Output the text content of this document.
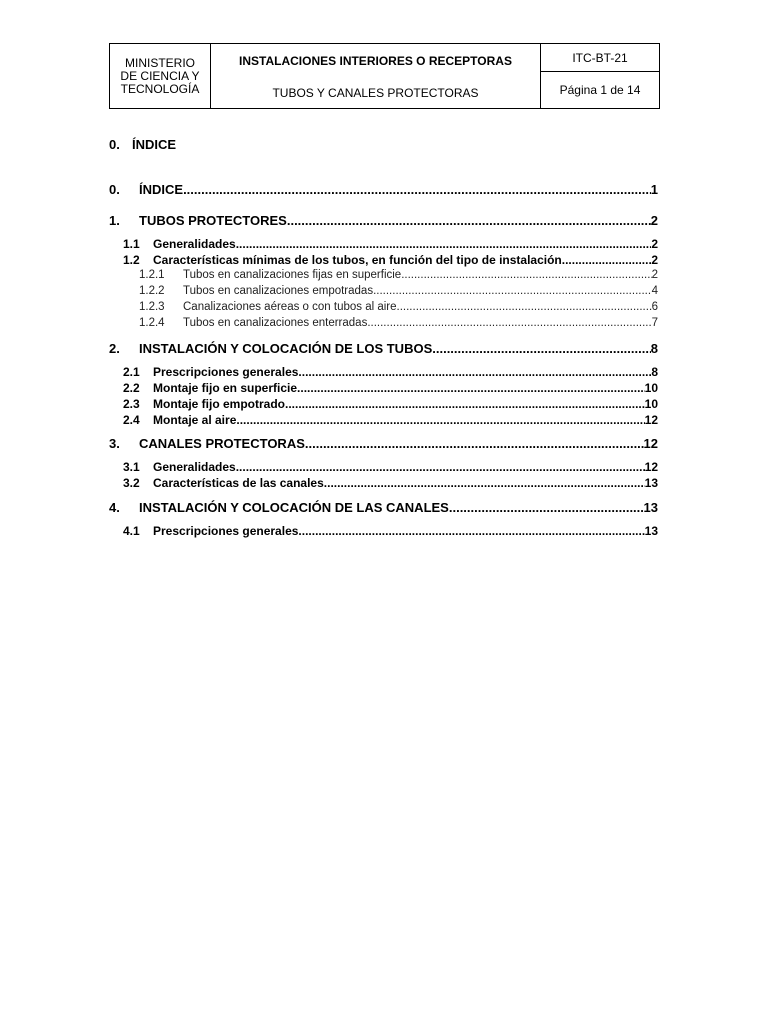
MINISTERIO
DE CIENCIA Y
TECNOLOGÍA
INSTALACIONES INTERIORES O RECEPTORAS
TUBOS Y CANALES PROTECTORAS
ITC-BT-21
Página 1 de 14
0. ÍNDICE
0.	ÍNDICE .....	1
1.	TUBOS PROTECTORES .....	2
1.1	Generalidades .....	2
1.2	Características mínimas de los tubos, en función del tipo de instalación .....	2
1.2.1	Tubos en canalizaciones fijas en superficie .....	2
1.2.2	Tubos en canalizaciones empotradas .....	4
1.2.3	Canalizaciones aéreas o con tubos al aire .....	6
1.2.4	Tubos en canalizaciones enterradas .....	7
2.	INSTALACIÓN Y COLOCACIÓN DE LOS TUBOS .....	8
2.1	Prescripciones generales .....	8
2.2	Montaje fijo en superficie .....	10
2.3	Montaje fijo empotrado .....	10
2.4	Montaje al aire .....	12
3.	CANALES PROTECTORAS .....	12
3.1	Generalidades .....	12
3.2	Características de las canales .....	13
4.	INSTALACIÓN Y COLOCACIÓN DE LAS CANALES .....	13
4.1	Prescripciones generales .....	13
